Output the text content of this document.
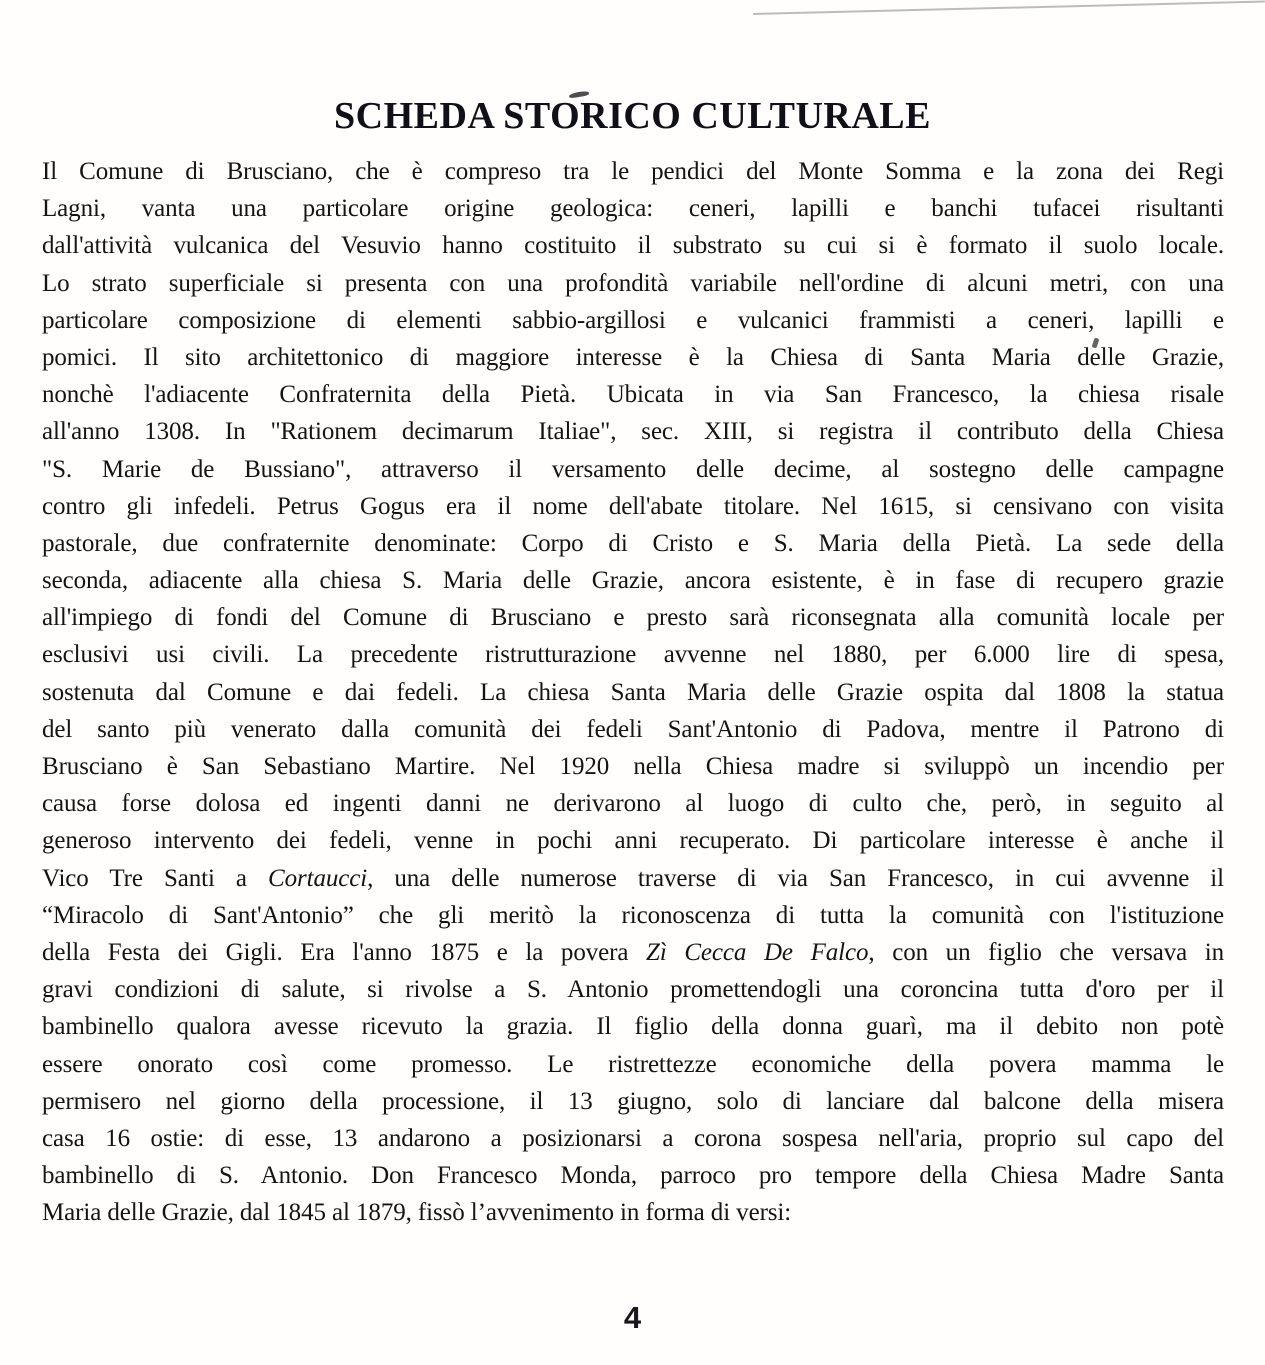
SCHEDA STORICO CULTURALE
Il Comune di Brusciano, che è compreso tra le pendici del Monte Somma e la zona dei Regi
Lagni, vanta una particolare origine geologica: ceneri, lapilli e banchi tufacei risultanti
dall'attività vulcanica del Vesuvio hanno costituito il substrato su cui si è formato il suolo locale.
Lo strato superficiale si presenta con una profondità variabile nell'ordine di alcuni metri, con una
particolare composizione di elementi sabbio-argillosi e vulcanici frammisti a ceneri, lapilli e
pomici. Il sito architettonico di maggiore interesse è la Chiesa di Santa Maria delle Grazie,
nonchè l'adiacente Confraternita della Pietà. Ubicata in via San Francesco, la chiesa risale
all'anno 1308. In "Rationem decimarum Italiae", sec. XIII, si registra il contributo della Chiesa
"S. Marie de Bussiano", attraverso il versamento delle decime, al sostegno delle campagne
contro gli infedeli. Petrus Gogus era il nome dell'abate titolare. Nel 1615, si censivano con visita
pastorale, due confraternite denominate: Corpo di Cristo e S. Maria della Pietà. La sede della
seconda, adiacente alla chiesa S. Maria delle Grazie, ancora esistente, è in fase di recupero grazie
all'impiego di fondi del Comune di Brusciano e presto sarà riconsegnata alla comunità locale per
esclusivi usi civili. La precedente ristrutturazione avvenne nel 1880, per 6.000 lire di spesa,
sostenuta dal Comune e dai fedeli. La chiesa Santa Maria delle Grazie ospita dal 1808 la statua
del santo più venerato dalla comunità dei fedeli Sant'Antonio di Padova, mentre il Patrono di
Brusciano è San Sebastiano Martire. Nel 1920 nella Chiesa madre si sviluppò un incendio per
causa forse dolosa ed ingenti danni ne derivarono al luogo di culto che, però, in seguito al
generoso intervento dei fedeli, venne in pochi anni recuperato. Di particolare interesse è anche il
Vico Tre Santi a Cortaucci, una delle numerose traverse di via San Francesco, in cui avvenne il
“Miracolo di Sant'Antonio” che gli meritò la riconoscenza di tutta la comunità con l'istituzione
della Festa dei Gigli. Era l'anno 1875 e la povera Zì Cecca De Falco, con un figlio che versava in
gravi condizioni di salute, si rivolse a S. Antonio promettendogli una coroncina tutta d'oro per il
bambinello qualora avesse ricevuto la grazia. Il figlio della donna guarì, ma il debito non potè
essere onorato così come promesso. Le ristrettezze economiche della povera mamma le
permisero nel giorno della processione, il 13 giugno, solo di lanciare dal balcone della misera
casa 16 ostie: di esse, 13 andarono a posizionarsi a corona sospesa nell'aria, proprio sul capo del
bambinello di S. Antonio. Don Francesco Monda, parroco pro tempore della Chiesa Madre Santa
Maria delle Grazie, dal 1845 al 1879, fissò l’avvenimento in forma di versi:
4
